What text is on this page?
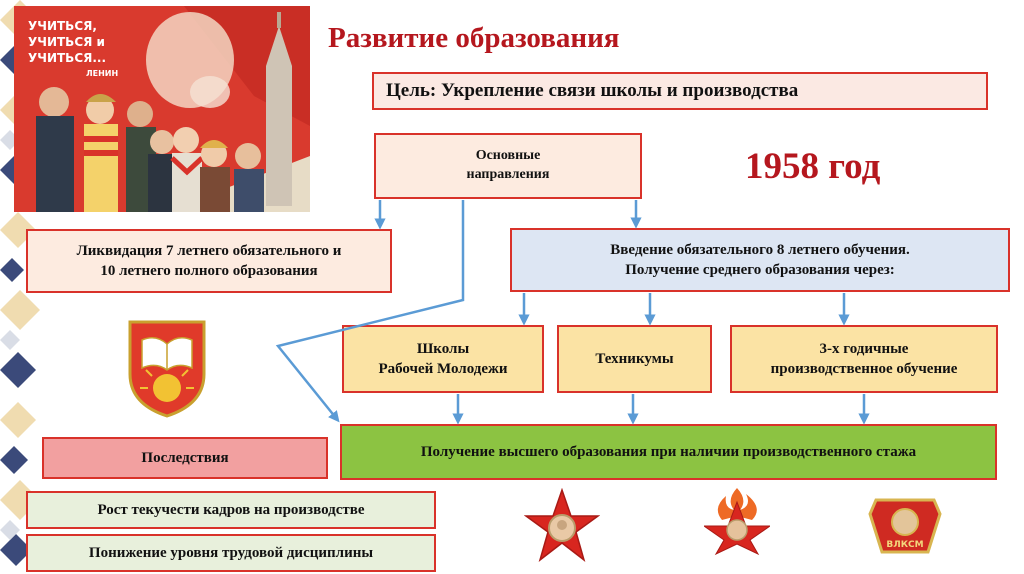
УЧИТЬСЯ,
УЧИТЬСЯ и
УЧИТЬСЯ...
ЛЕНИН
Развитие образования
Цель: Укрепление связи школы и производства
1958 год
Основные
направления
Ликвидация 7 летнего обязательного и
10 летнего полного образования
Введение обязательного 8 летнего обучения.
Получение среднего образования через:
Школы
Рабочей Молодежи
Техникумы
3-х годичные
производственное обучение
Получение высшего образования при наличии производственного стажа
Последствия
Рост текучести кадров на производстве
Понижение уровня трудовой дисциплины	ВЛКСМ
